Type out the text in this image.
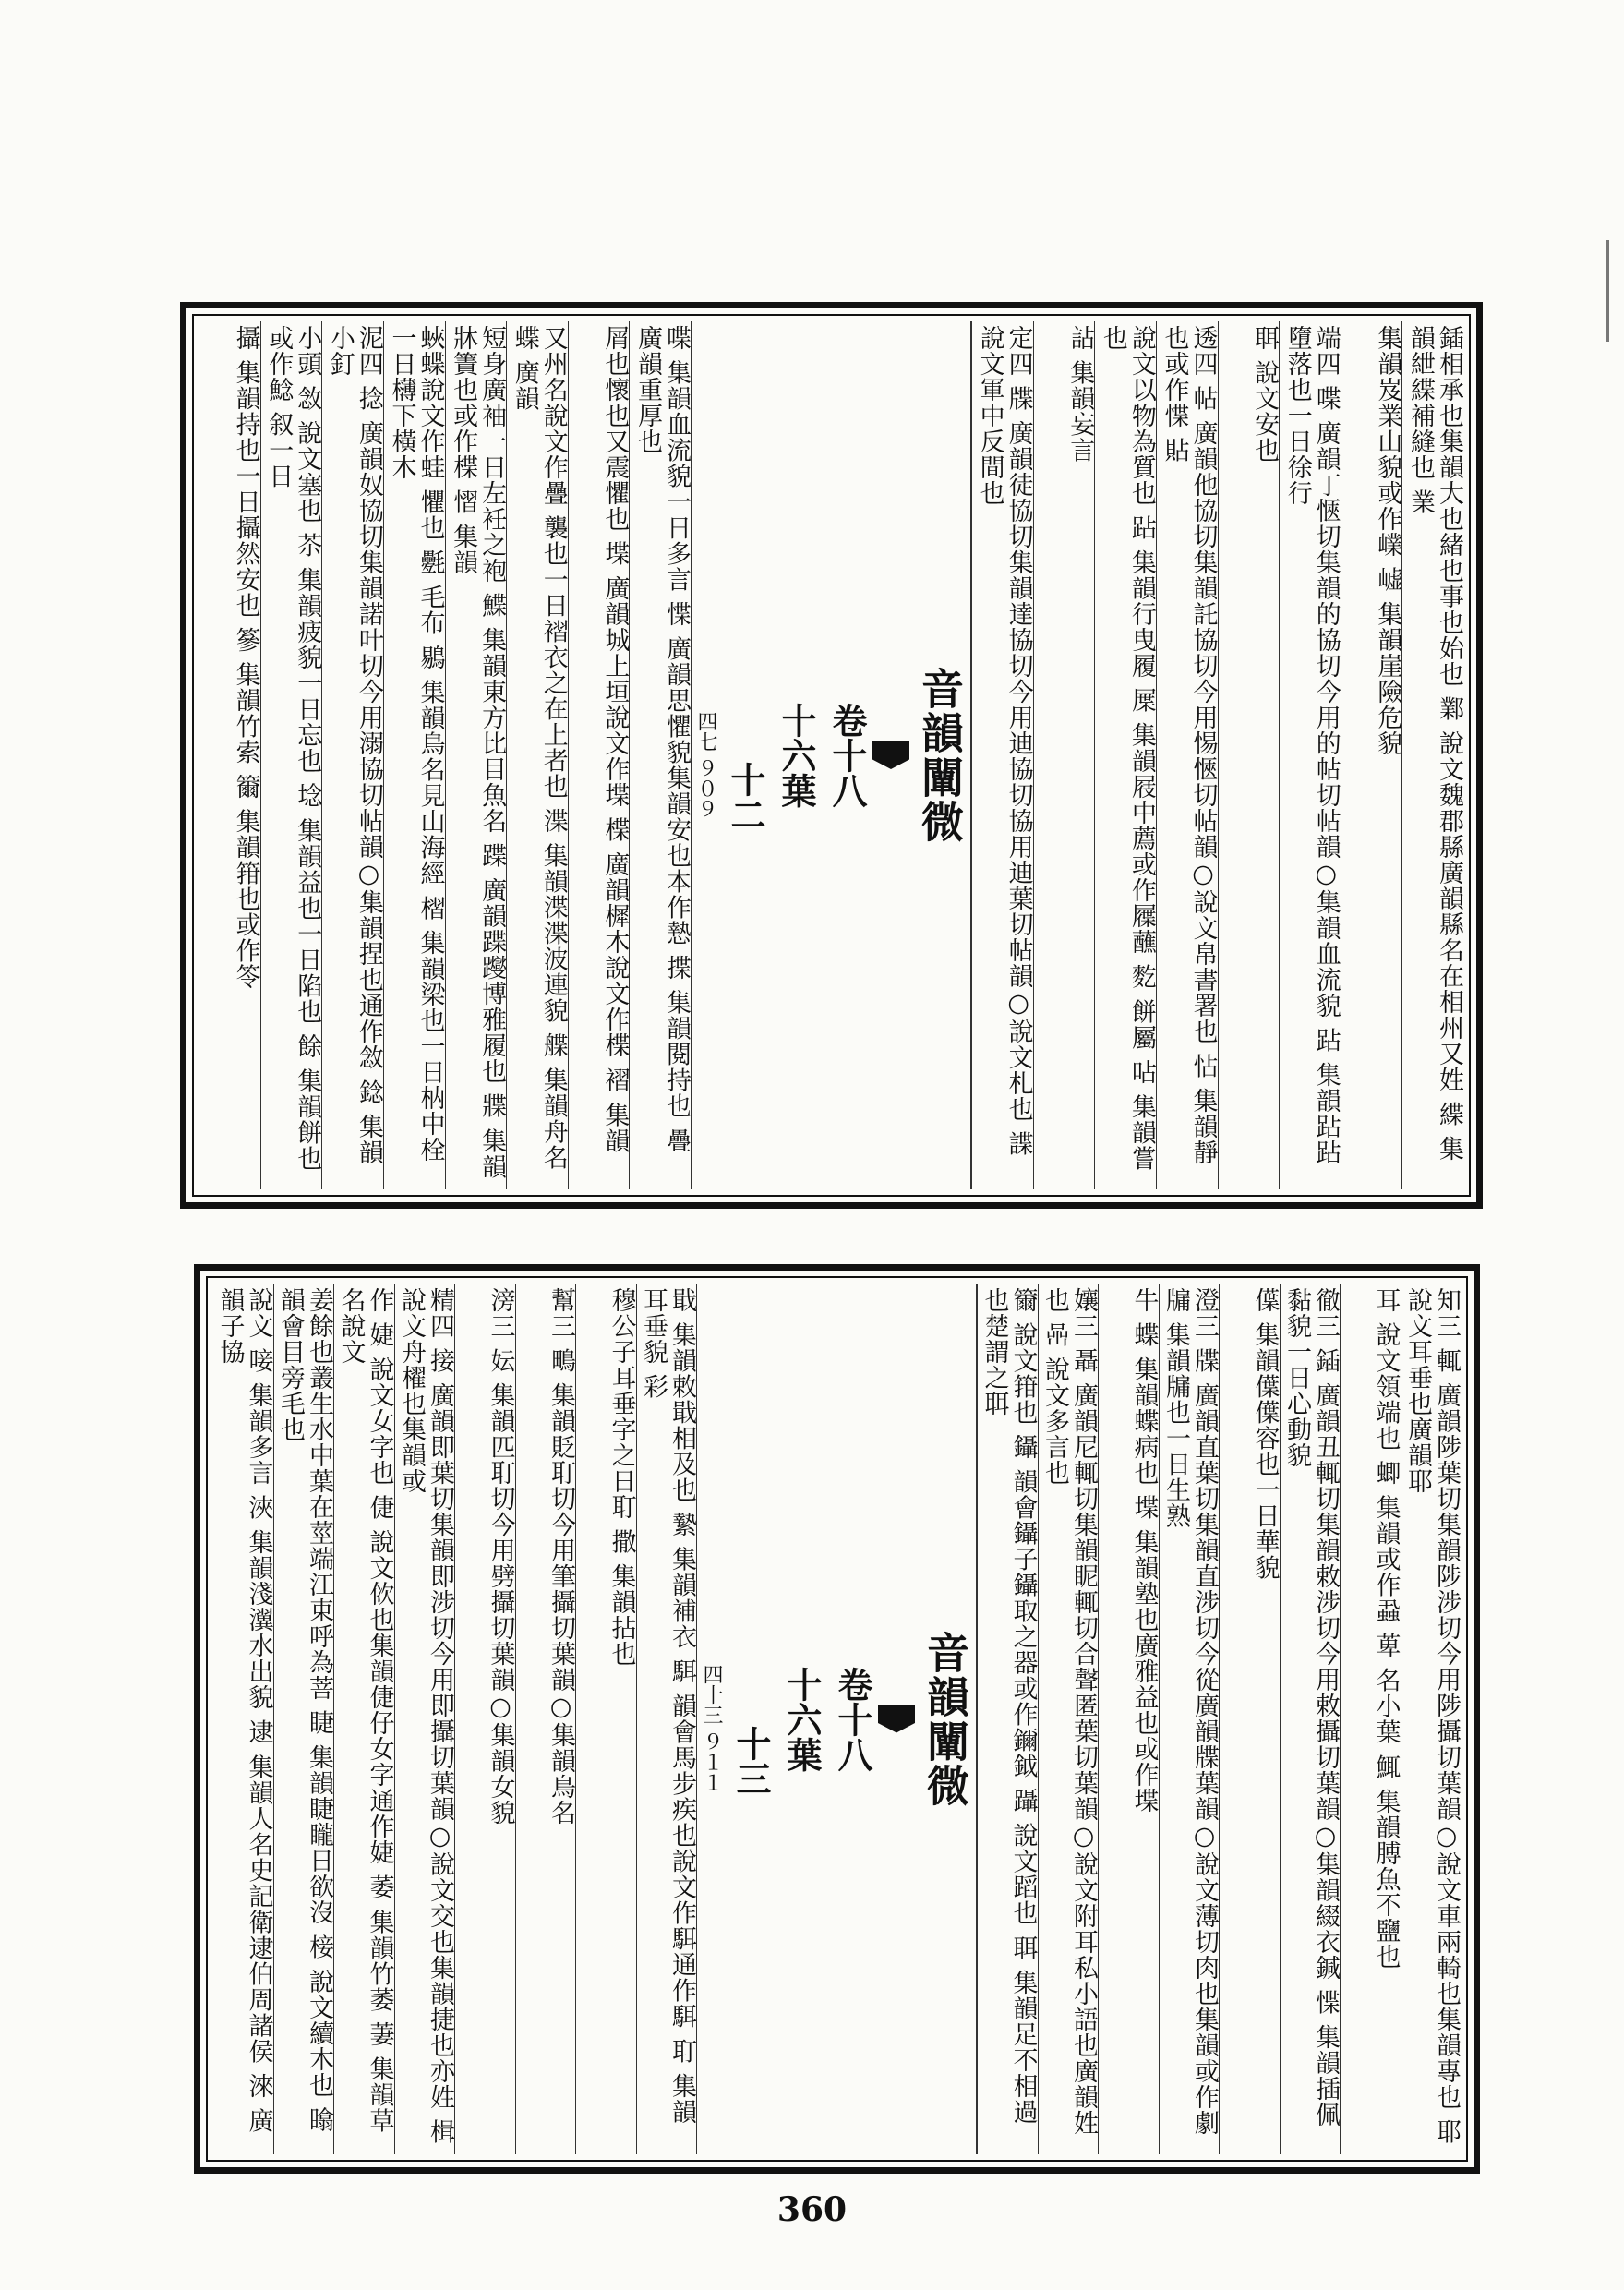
鍤相承也集韻大也緒也事也始也 鄴 說文魏郡縣廣韻縣名在相州又姓 緤 集韻紲緤補縫也 業
集韻岌業山貌或作嶫 㠊 集韻崖險危貌
端四 喋 廣韻丁愜切集韻的協切今用的帖切帖韻○集韻血流貌 跕 集韻跕跕墮落也一日徐行
聑 說文安也
透四 帖 廣韻他協切集韻託協切今用惕愜切帖韻○說文帛書署也 怗 集韻靜也或作惵 貼
說文以物為質也 跕 集韻行曳履 屟 集韻屐中薦或作屧蘸 麧 餅屬 呫 集韻嘗也
詀 集韻妄言
定四 牒 廣韻徒協切集韻達協切今用迪協切協用迪葉切帖韻○說文札也 諜 說文軍中反間也
音韻闡微
卷十八
十六葉
十二
四七 ９０９
喋 集韻血流貌一日多言 惵 廣韻思懼貌集韻安也本作慹 揲 集韻閱持也 疊 廣韻重厚也
屑也懷也又震懼也 堞 廣韻城上垣說文作堞 楪 廣韻樨木說文作楪 褶 集韻
又州名說文作疊 襲也一日褶衣之在上者也 渫 集韻渫渫波連貌 艓 集韻舟名 蝶 廣韻
短身廣袖一日左衽之袍 鰈 集韻東方比目魚名 蹀 廣韻蹀躞博雅履也 牃 集韻牀簀也或作楪 慴 集韻
蛺蝶說文作蛙 懼也 氎 毛布 鶍 集韻鳥名見山海經 槢 集韻梁也一日枘中栓一日欂下橫木
泥四 捻 廣韻奴協切集韻諾叶切今用溺協切帖韻○集韻捏也通作敜 錜 集韻小釘
小頭 敜 說文塞也 苶 集韻疲貌一日忘也 埝 集韻益也一日陷也 餘 集韻餅也或作鯰 叙一日
攝 集韻持也一日攝然安也 篸 集韻竹索 籋 集韻箝也或作笭
知三 輒 廣韻陟葉切集韻陟涉切今用陟攝切葉韻○說文車兩輢也集韻專也 耶 說文耳垂也廣韻耶
耳 說文領端也 蝍 集韻或作蝨 萆 名小葉 鮿 集韻膊魚不鹽也
徹三 鍤 廣韻丑輒切集韻敕涉切今用敕攝切葉韻○集韻綴衣鍼 惵 集韻插佩黏貌一日心動貌
僷 集韻僷僷容也一日華貌
澄三 牒 廣韻直葉切集韻直涉切今從廣韻牒葉韻○說文薄切肉也集韻或作劇 牖 集韻牖也一日生熟
牛 蝶 集韻蝶病也 堞 集韻塾也廣雅益也或作堞
孃三 聶 廣韻尼輒切集韻眤輒切合聲匿葉切葉韻○說文附耳私小語也廣韻姓也 喦 說文多言也
籋 說文箝也 鑷 韻會鑷子鑷取之器或作鑈鉞 躡 說文蹈也 聑 集韻足不相過也楚謂之聑
音韻闡微
卷十八
十六葉
十三
四十三 ９１１
戢 集韻敕戢相及也 縶 集韻補衣 駬 韻會馬步疾也說文作駬通作駬 耵 集韻耳垂貌 彩
穆公子耳垂字之日耵 撒 集韻拈也
幫三 鴫 集韻貶耵切今用筆攝切葉韻○集韻鳥名
滂三 妘 集韻匹耵切今用劈攝切葉韻○集韻女貌
精四 接 廣韻即葉切集韻即涉切今用即攝切葉韻○說文交也集韻捷也亦姓 楫 說文舟櫂也集韻或
作 婕 說文女字也 倢 說文佽也集韻倢仔女字通作婕 萎 集韻竹萎 萋 集韻草名說文
姜餘也叢生水中葉在莖端江東呼為菩 睫 集韻睫矓日欲沒 椄 說文續木也 䁯 韻會目旁毛也
說文 唼 集韻多言 浹 集韻淺瀷水出貌 逮 集韻人名史記衛逮伯周諸侯 淶 廣韻子協
360
